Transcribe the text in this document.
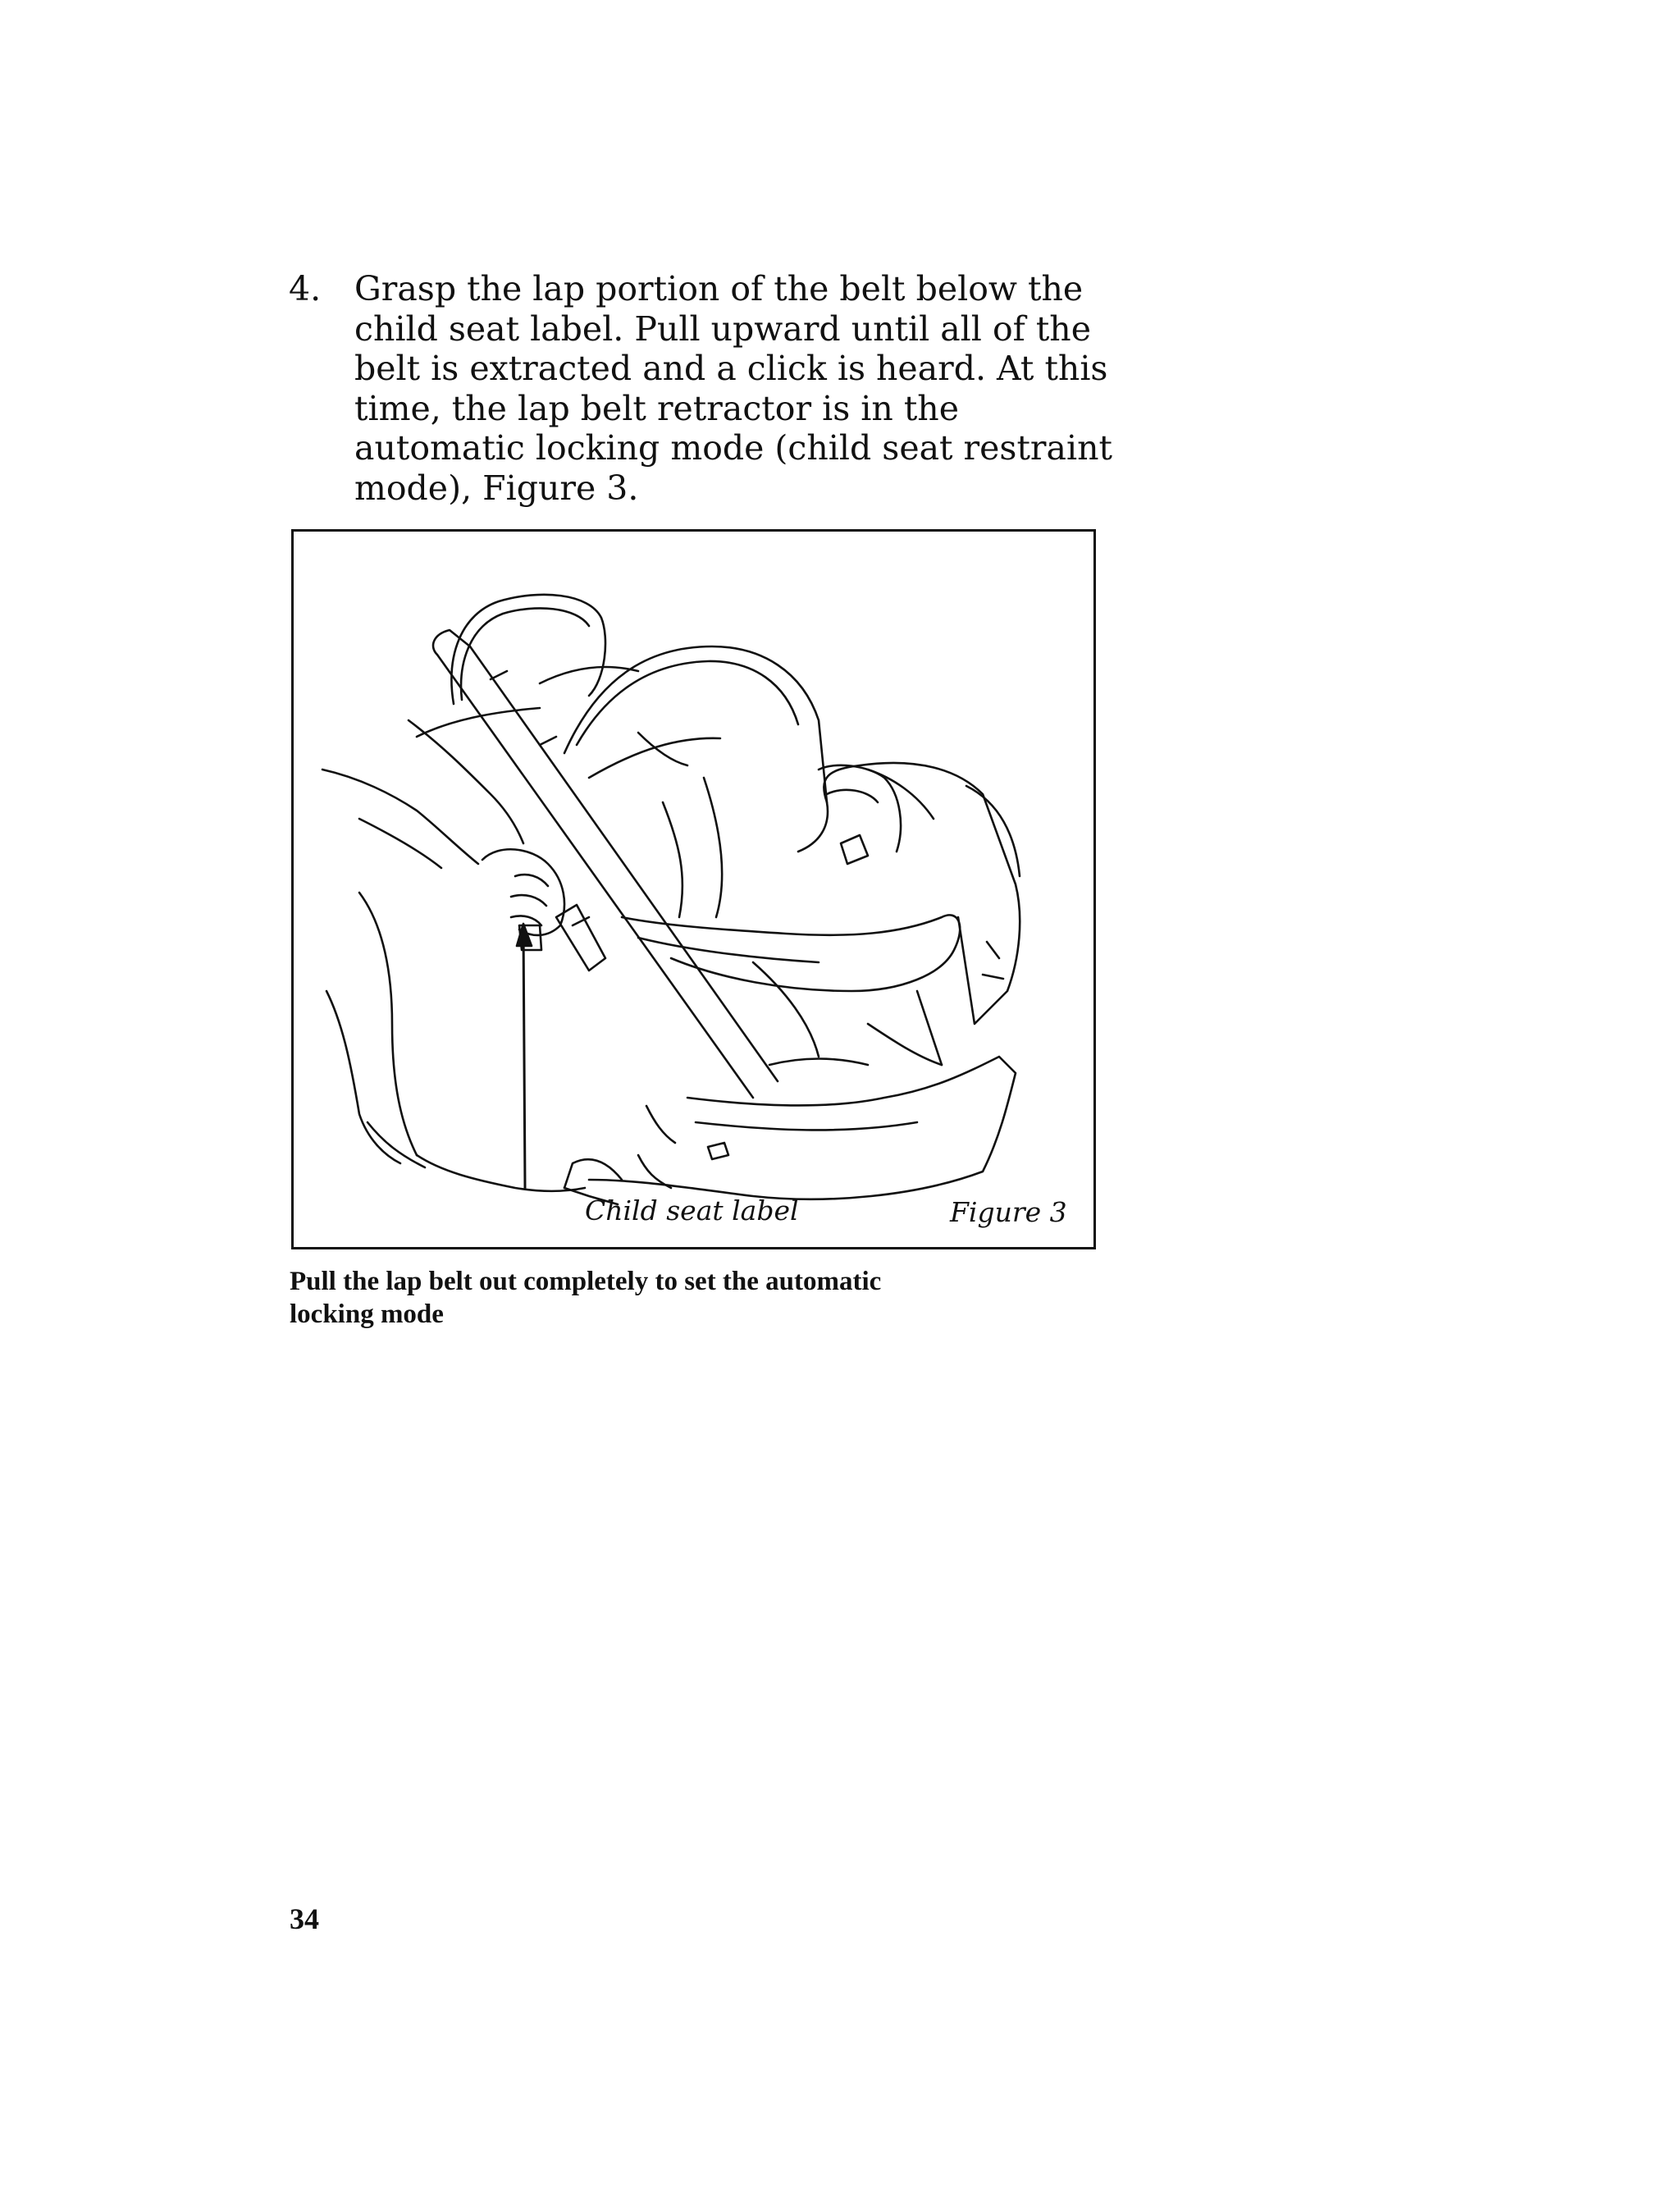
4. Grasp the lap portion of the belt below the
child seat label. Pull upward until all of the
belt is extracted and a click is heard. At this
time, the lap belt retractor is in the
automatic locking mode (child seat restraint
mode), Figure 3.
Child seat label	Figure 3
Pull the lap belt out completely to set the automatic
locking mode
34
